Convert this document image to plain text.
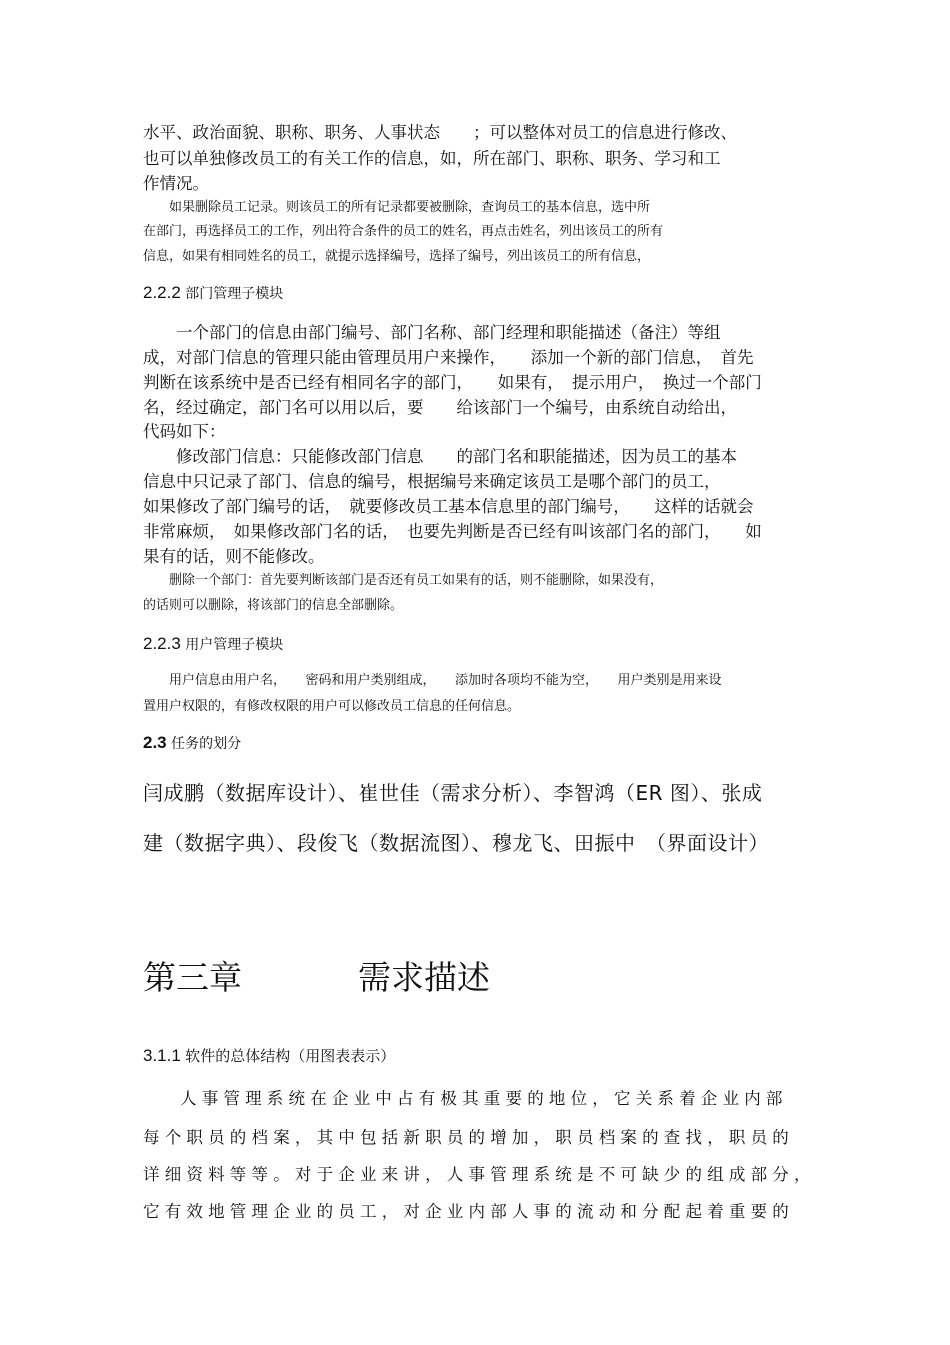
水平、政治面貌、职称、职务、人事状态　　；可以整体对员工的信息进行修改、

也可以单独修改员工的有关工作的信息，如，所在部门、职称、职务、学习和工

作情况。

　　如果删除员工记录。则该员工的所有记录都要被删除，查询员工的基本信息，选中所

在部门，再选择员工的工作，列出符合条件的员工的姓名，再点击姓名，列出该员工的所有

信息，如果有相同姓名的员工，就提示选择编号，选择了编号，列出该员工的所有信息，

2.2.2 部门管理子模块

　　一个部门的信息由部门编号、部门名称、部门经理和职能描述（备注）等组

成，对部门信息的管理只能由管理员用户来操作，　　添加一个新的部门信息，　首先

判断在该系统中是否已经有相同名字的部门，　　如果有，　提示用户，　换过一个部门

名，经过确定，部门名可以用以后，要　　给该部门一个编号，由系统自动给出，

代码如下：

　　修改部门信息：只能修改部门信息　　的部门名和职能描述，因为员工的基本

信息中只记录了部门、信息的编号，根据编号来确定该员工是哪个部门的员工，

如果修改了部门编号的话，　就要修改员工基本信息里的部门编号，　　这样的话就会

非常麻烦，　如果修改部门名的话，　也要先判断是否已经有叫该部门名的部门，　　如

果有的话，则不能修改。

　　删除一个部门：首先要判断该部门是否还有员工如果有的话，则不能删除，如果没有，

的话则可以删除，将该部门的信息全部删除。

2.2.3 用户管理子模块

　　用户信息由用户名，　　密码和用户类别组成，　　添加时各项均不能为空，　　用户类别是用来设

置用户权限的，有修改权限的用户可以修改员工信息的任何信息。

2.3 任务的划分

闫成鹏（数据库设计）、崔世佳（需求分析）、李智鸿（ER 图）、张成

建（数据字典）、段俊飞（数据流图）、穆龙飞、田振中　（界面设计）

第三章	需求描述

3.1.1 软件的总体结构（用图表表示）

人事管理系统在企业中占有极其重要的地位，它关系着企业内部

每个职员的档案，其中包括新职员的增加，职员档案的查找，职员的

详细资料等等。对于企业来讲，人事管理系统是不可缺少的组成部分，

它有效地管理企业的员工，对企业内部人事的流动和分配起着重要的
